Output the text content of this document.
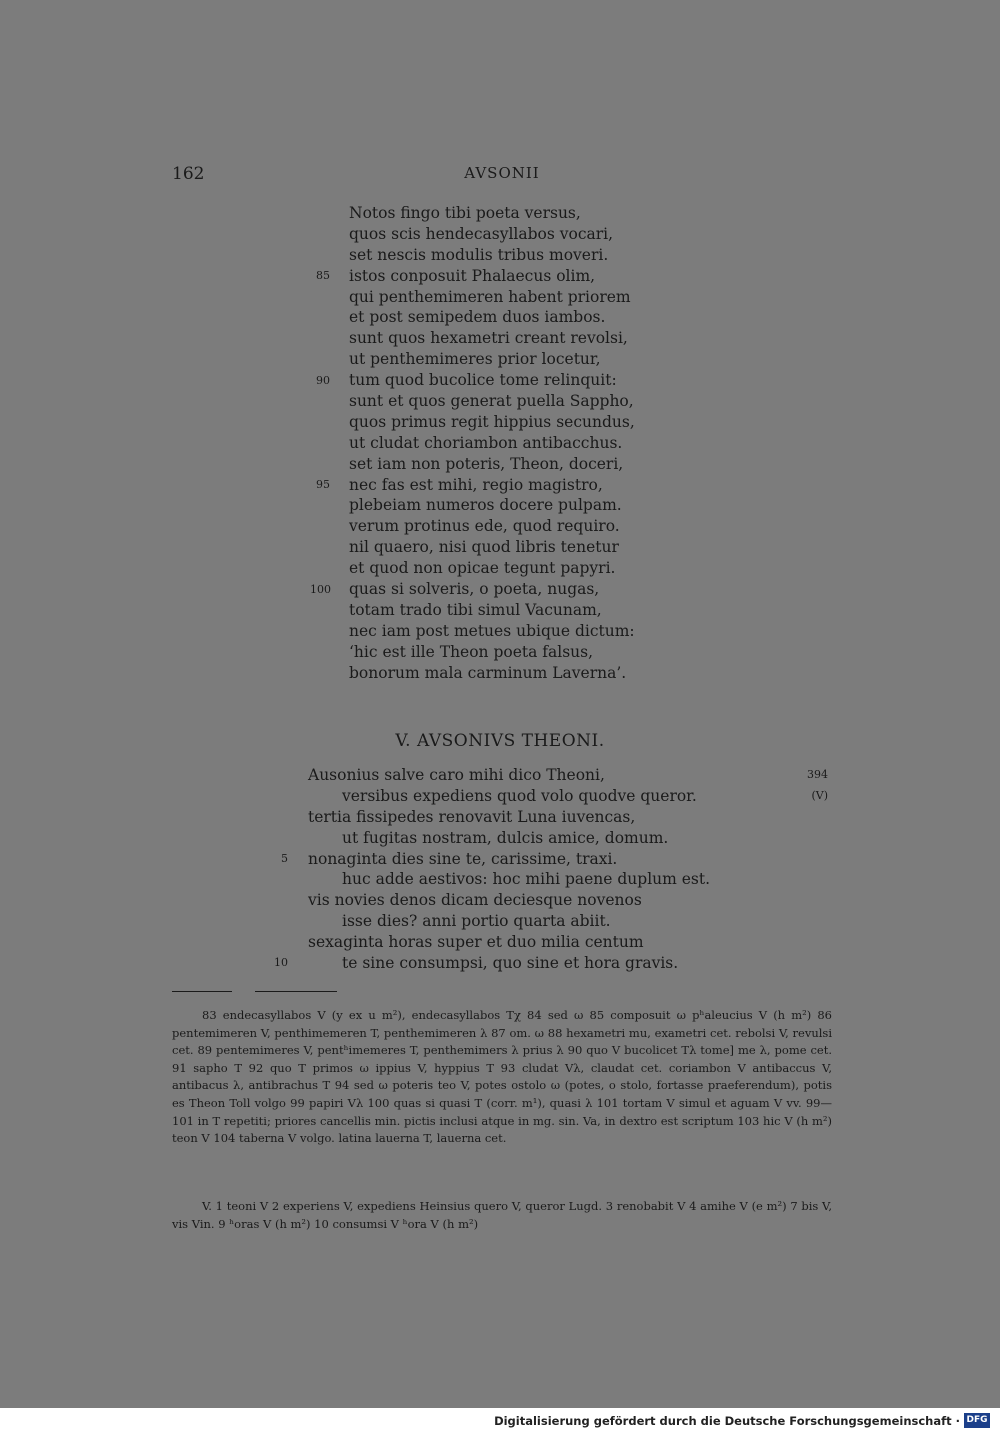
162	AVSONII
Notos fingo tibi poeta versus,
quos scis hendecasyllabos vocari,
set nescis modulis tribus moveri.
istos conposuit Phalaecus olim,
qui penthemimeren habent priorem
et post semipedem duos iambos.
sunt quos hexametri creant revolsi,
ut penthemimeres prior locetur,
tum quod bucolice tome relinquit:
sunt et quos generat puella Sappho,
quos primus regit hippius secundus,
ut cludat choriambon antibacchus.
set iam non poteris, Theon, doceri,
nec fas est mihi, regio magistro,
plebeiam numeros docere pulpam.
verum protinus ede, quod requiro.
nil quaero, nisi quod libris tenetur
et quod non opicae tegunt papyri.
quas si solveris, o poeta, nugas,
totam trado tibi simul Vacunam,
nec iam post metues ubique dictum:
‘hic est ille Theon poeta falsus,
bonorum mala carminum Laverna’.
85
90
95
100
V. AVSONIVS THEONI.
394
(V)
Ausonius salve caro mihi dico Theoni,
versibus expediens quod volo quodve queror.
tertia fissipedes renovavit Luna iuvencas,
ut fugitas nostram, dulcis amice, domum.
nonaginta dies sine te, carissime, traxi.
huc adde aestivos: hoc mihi paene duplum est.
vis novies denos dicam deciesque novenos
isse dies? anni portio quarta abiit.
sexaginta horas super et duo milia centum
te sine consumpsi, quo sine et hora gravis.
5
10

83 endecasyllabos V (y ex u m²), endecasyllabos Tχ 84 sed ω 85 composuit ω pʰaleucius V (h m²) 86 pentemimeren V, penthimemeren T, penthemimeren λ 87 om. ω 88 hexametri mu, exametri cet. rebolsi V, revulsi cet. 89 pentemimeres V, pentʰimemeres T, penthemimers λ prius λ 90 quo V bucolicet Tλ tome] me λ, pome cet. 91 sapho T 92 quo T primos ω ippius V, hyppius T 93 cludat Vλ, claudat cet. coriambon V antibaccus V, antibacus λ, antibrachus T 94 sed ω poteris teo V, potes ostolo ω (potes, o stolo, fortasse praeferendum), potis es Theon Toll volgo 99 papiri Vλ 100 quas si quasi T (corr. m¹), quasi λ 101 tortam V simul et aguam V vv. 99—101 in T repetiti; priores cancellis min. pictis inclusi atque in mg. sin. Va, in dextro est scriptum 103 hic V (h m²) teon V 104 taberna V volgo. latina lauerna T, lauerna cet.

V. 1 teoni V 2 experiens V, expediens Heinsius quero V, queror Lugd. 3 renobabit V 4 amihe V (e m²) 7 bis V, vis Vin. 9 ʰoras V (h m²) 10 consumsi V ʰora V (h m²)

Digitalisierung gefördert durch die Deutsche Forschungsgemeinschaft · DFG
